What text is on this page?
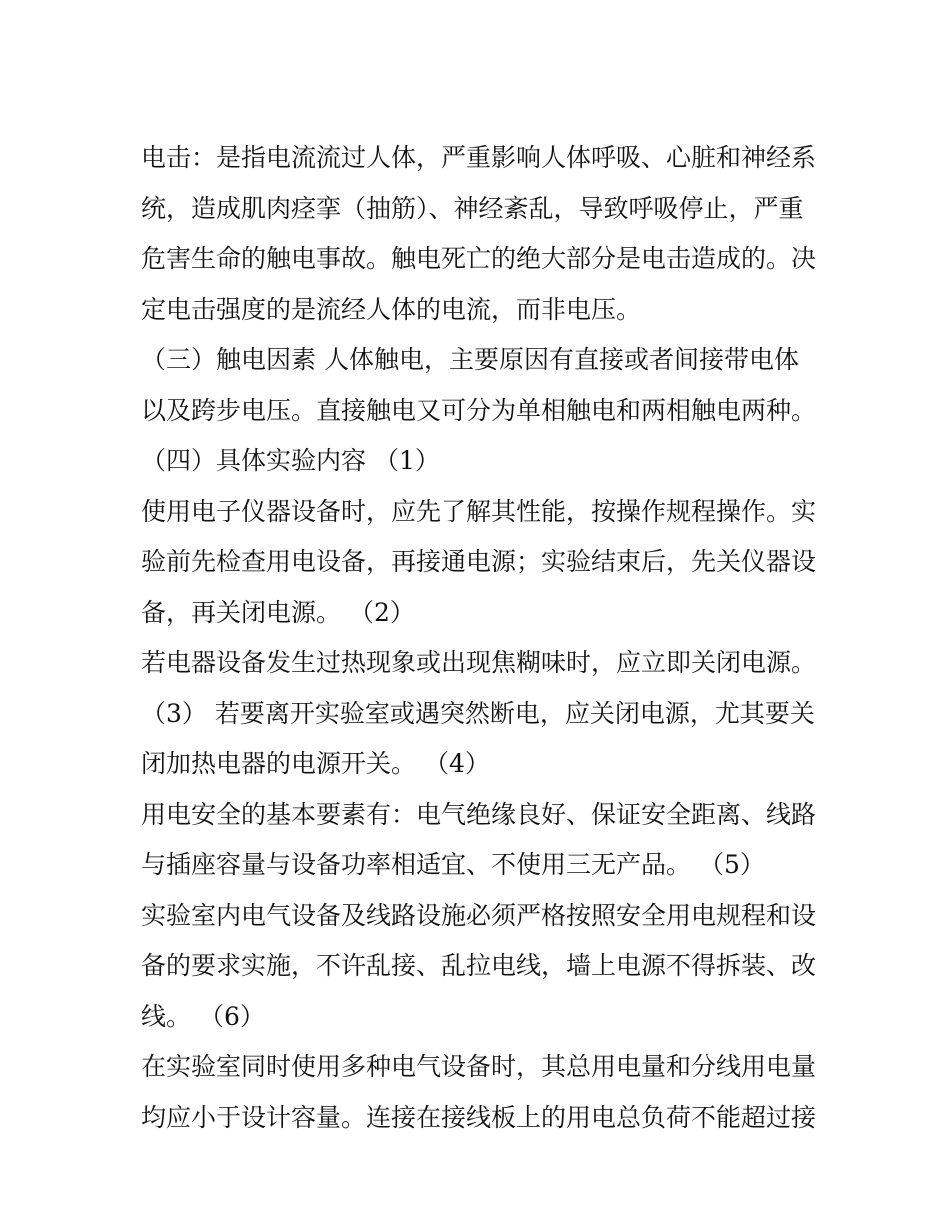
电击：是指电流流过人体，严重影响人体呼吸、心脏和神经系
统，造成肌肉痉挛（抽筋）、神经紊乱，导致呼吸停止，严重
危害生命的触电事故。触电死亡的绝大部分是电击造成的。决
定电击强度的是流经人体的电流，而非电压。
（三）触电因素 人体触电，主要原因有直接或者间接带电体
以及跨步电压。直接触电又可分为单相触电和两相触电两种。
（四）具体实验内容 （1）
使用电子仪器设备时，应先了解其性能，按操作规程操作。实
验前先检查用电设备，再接通电源；实验结束后，先关仪器设
备，再关闭电源。 （2）
若电器设备发生过热现象或出现焦糊味时，应立即关闭电源。
（3） 若要离开实验室或遇突然断电，应关闭电源，尤其要关
闭加热电器的电源开关。 （4）
用电安全的基本要素有：电气绝缘良好、保证安全距离、线路
与插座容量与设备功率相适宜、不使用三无产品。 （5）
实验室内电气设备及线路设施必须严格按照安全用电规程和设
备的要求实施，不许乱接、乱拉电线，墙上电源不得拆装、改
线。 （6）
在实验室同时使用多种电气设备时，其总用电量和分线用电量
均应小于设计容量。连接在接线板上的用电总负荷不能超过接
